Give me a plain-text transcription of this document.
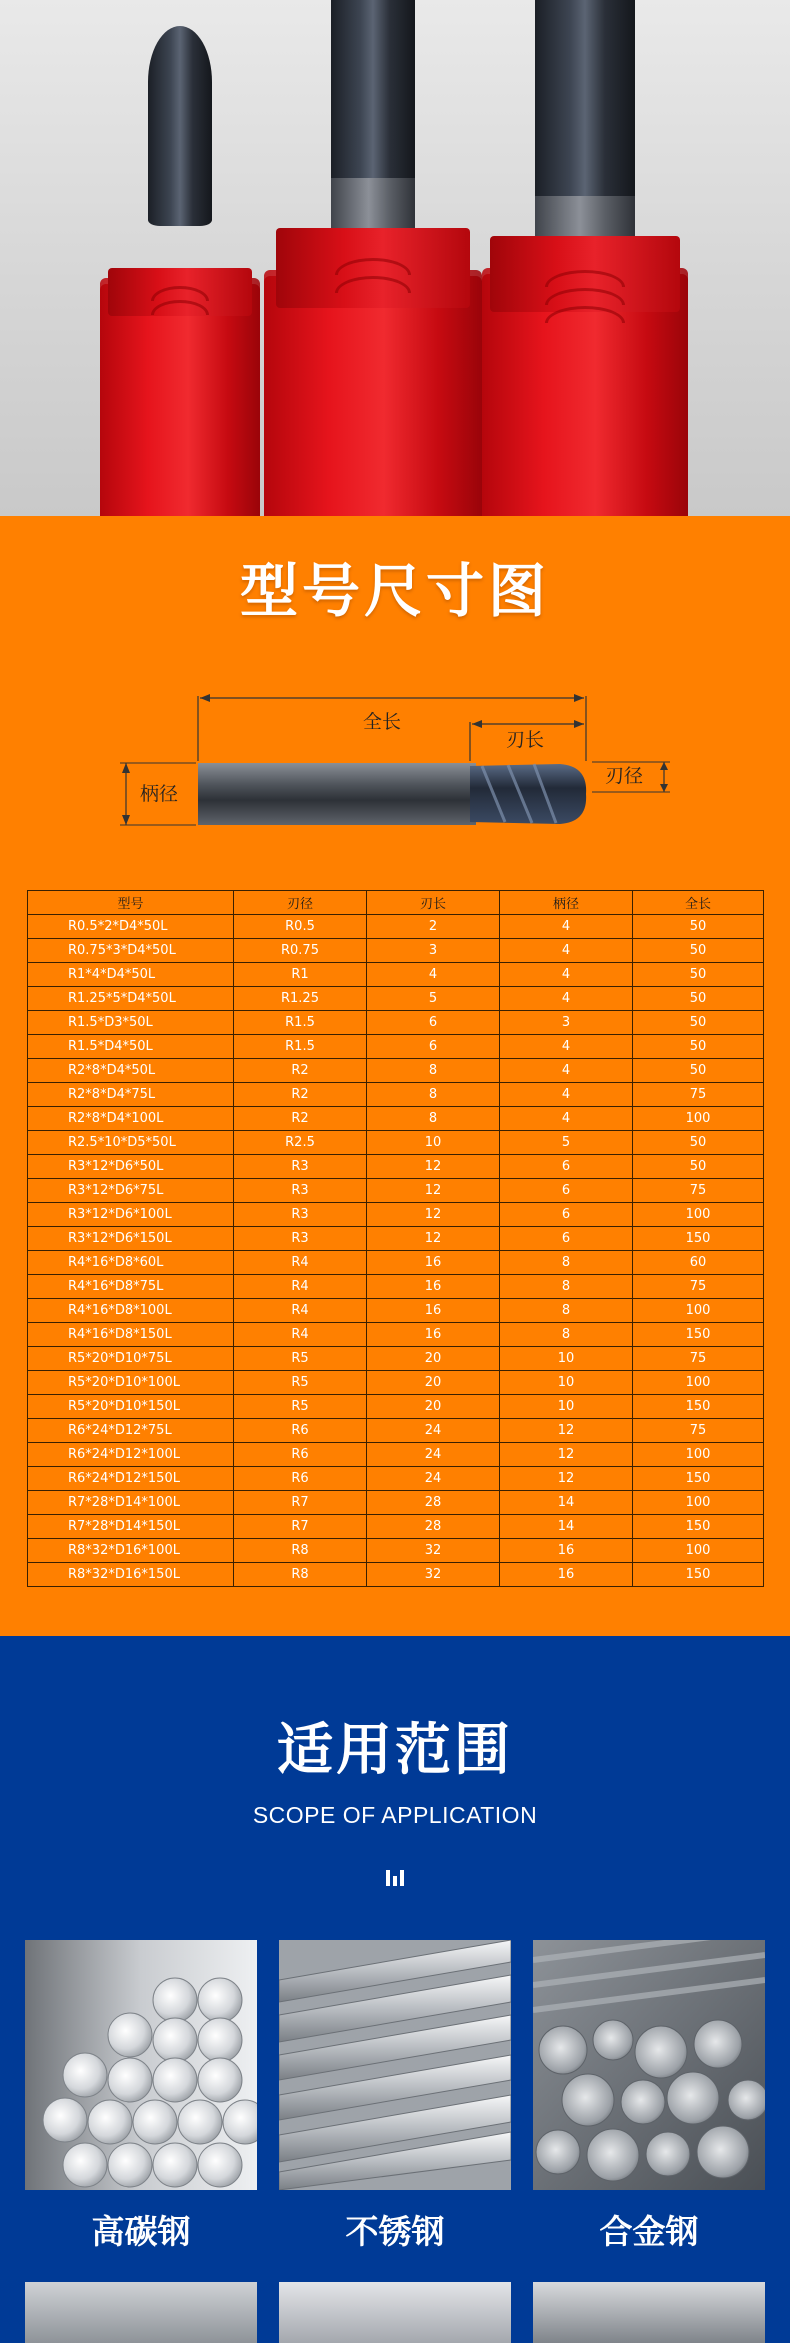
型号尺寸图
全长
刃长
柄径
刃径
型号	刃径	刃长	柄径	全长
R0.5*2*D4*50L	R0.5	2	4	50
R0.75*3*D4*50L	R0.75	3	4	50
R1*4*D4*50L	R1	4	4	50
R1.25*5*D4*50L	R1.25	5	4	50
R1.5*D3*50L	R1.5	6	3	50
R1.5*D4*50L	R1.5	6	4	50
R2*8*D4*50L	R2	8	4	50
R2*8*D4*75L	R2	8	4	75
R2*8*D4*100L	R2	8	4	100
R2.5*10*D5*50L	R2.5	10	5	50
R3*12*D6*50L	R3	12	6	50
R3*12*D6*75L	R3	12	6	75
R3*12*D6*100L	R3	12	6	100
R3*12*D6*150L	R3	12	6	150
R4*16*D8*60L	R4	16	8	60
R4*16*D8*75L	R4	16	8	75
R4*16*D8*100L	R4	16	8	100
R4*16*D8*150L	R4	16	8	150
R5*20*D10*75L	R5	20	10	75
R5*20*D10*100L	R5	20	10	100
R5*20*D10*150L	R5	20	10	150
R6*24*D12*75L	R6	24	12	75
R6*24*D12*100L	R6	24	12	100
R6*24*D12*150L	R6	24	12	150
R7*28*D14*100L	R7	28	14	100
R7*28*D14*150L	R7	28	14	150
R8*32*D16*100L	R8	32	16	100
R8*32*D16*150L	R8	32	16	150
适用范围
SCOPE OF APPLICATION
高碳钢	不锈钢	合金钢
